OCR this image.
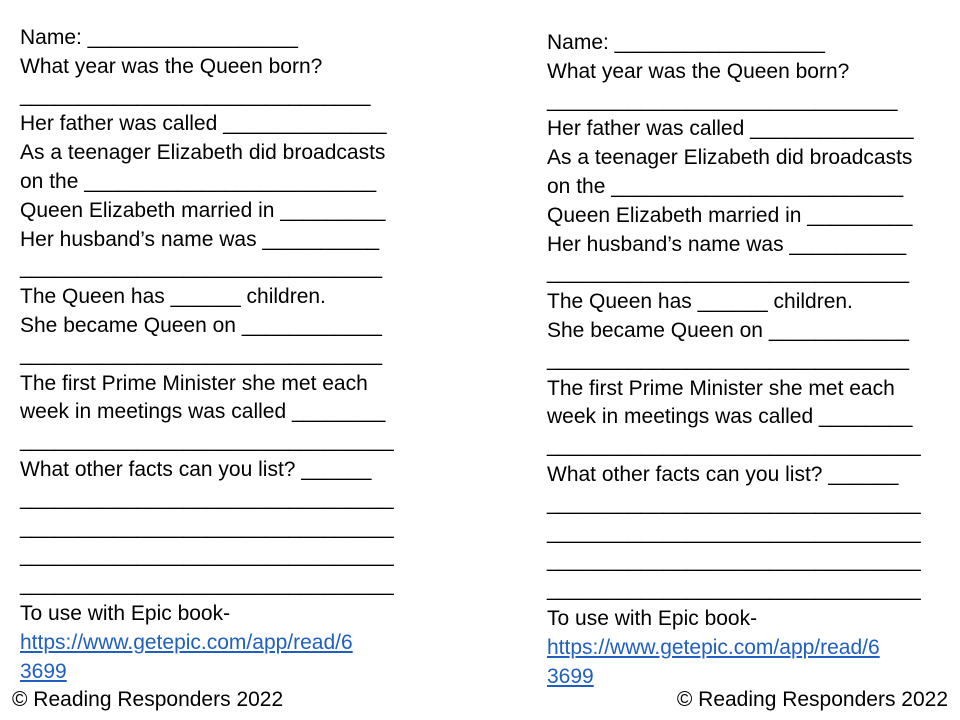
Name: __________________
What year was the Queen born?
______________________________
Her father was called ______________
As a teenager Elizabeth did broadcasts
on the _________________________
Queen Elizabeth married in _________
Her husband’s name was __________
_______________________________
The Queen has ______ children.
She became Queen on ____________
_______________________________
The first Prime Minister she met each
week in meetings was called ________
________________________________
What other facts can you list? ______
________________________________
________________________________
________________________________
________________________________
To use with Epic book-
https://www.getepic.com/app/read/6
3699
Name: __________________
What year was the Queen born?
______________________________
Her father was called ______________
As a teenager Elizabeth did broadcasts
on the _________________________
Queen Elizabeth married in _________
Her husband’s name was __________
_______________________________
The Queen has ______ children.
She became Queen on ____________
_______________________________
The first Prime Minister she met each
week in meetings was called ________
________________________________
What other facts can you list? ______
________________________________
________________________________
________________________________
________________________________
To use with Epic book-
https://www.getepic.com/app/read/6
3699
© Reading Responders 2022	© Reading Responders 2022
